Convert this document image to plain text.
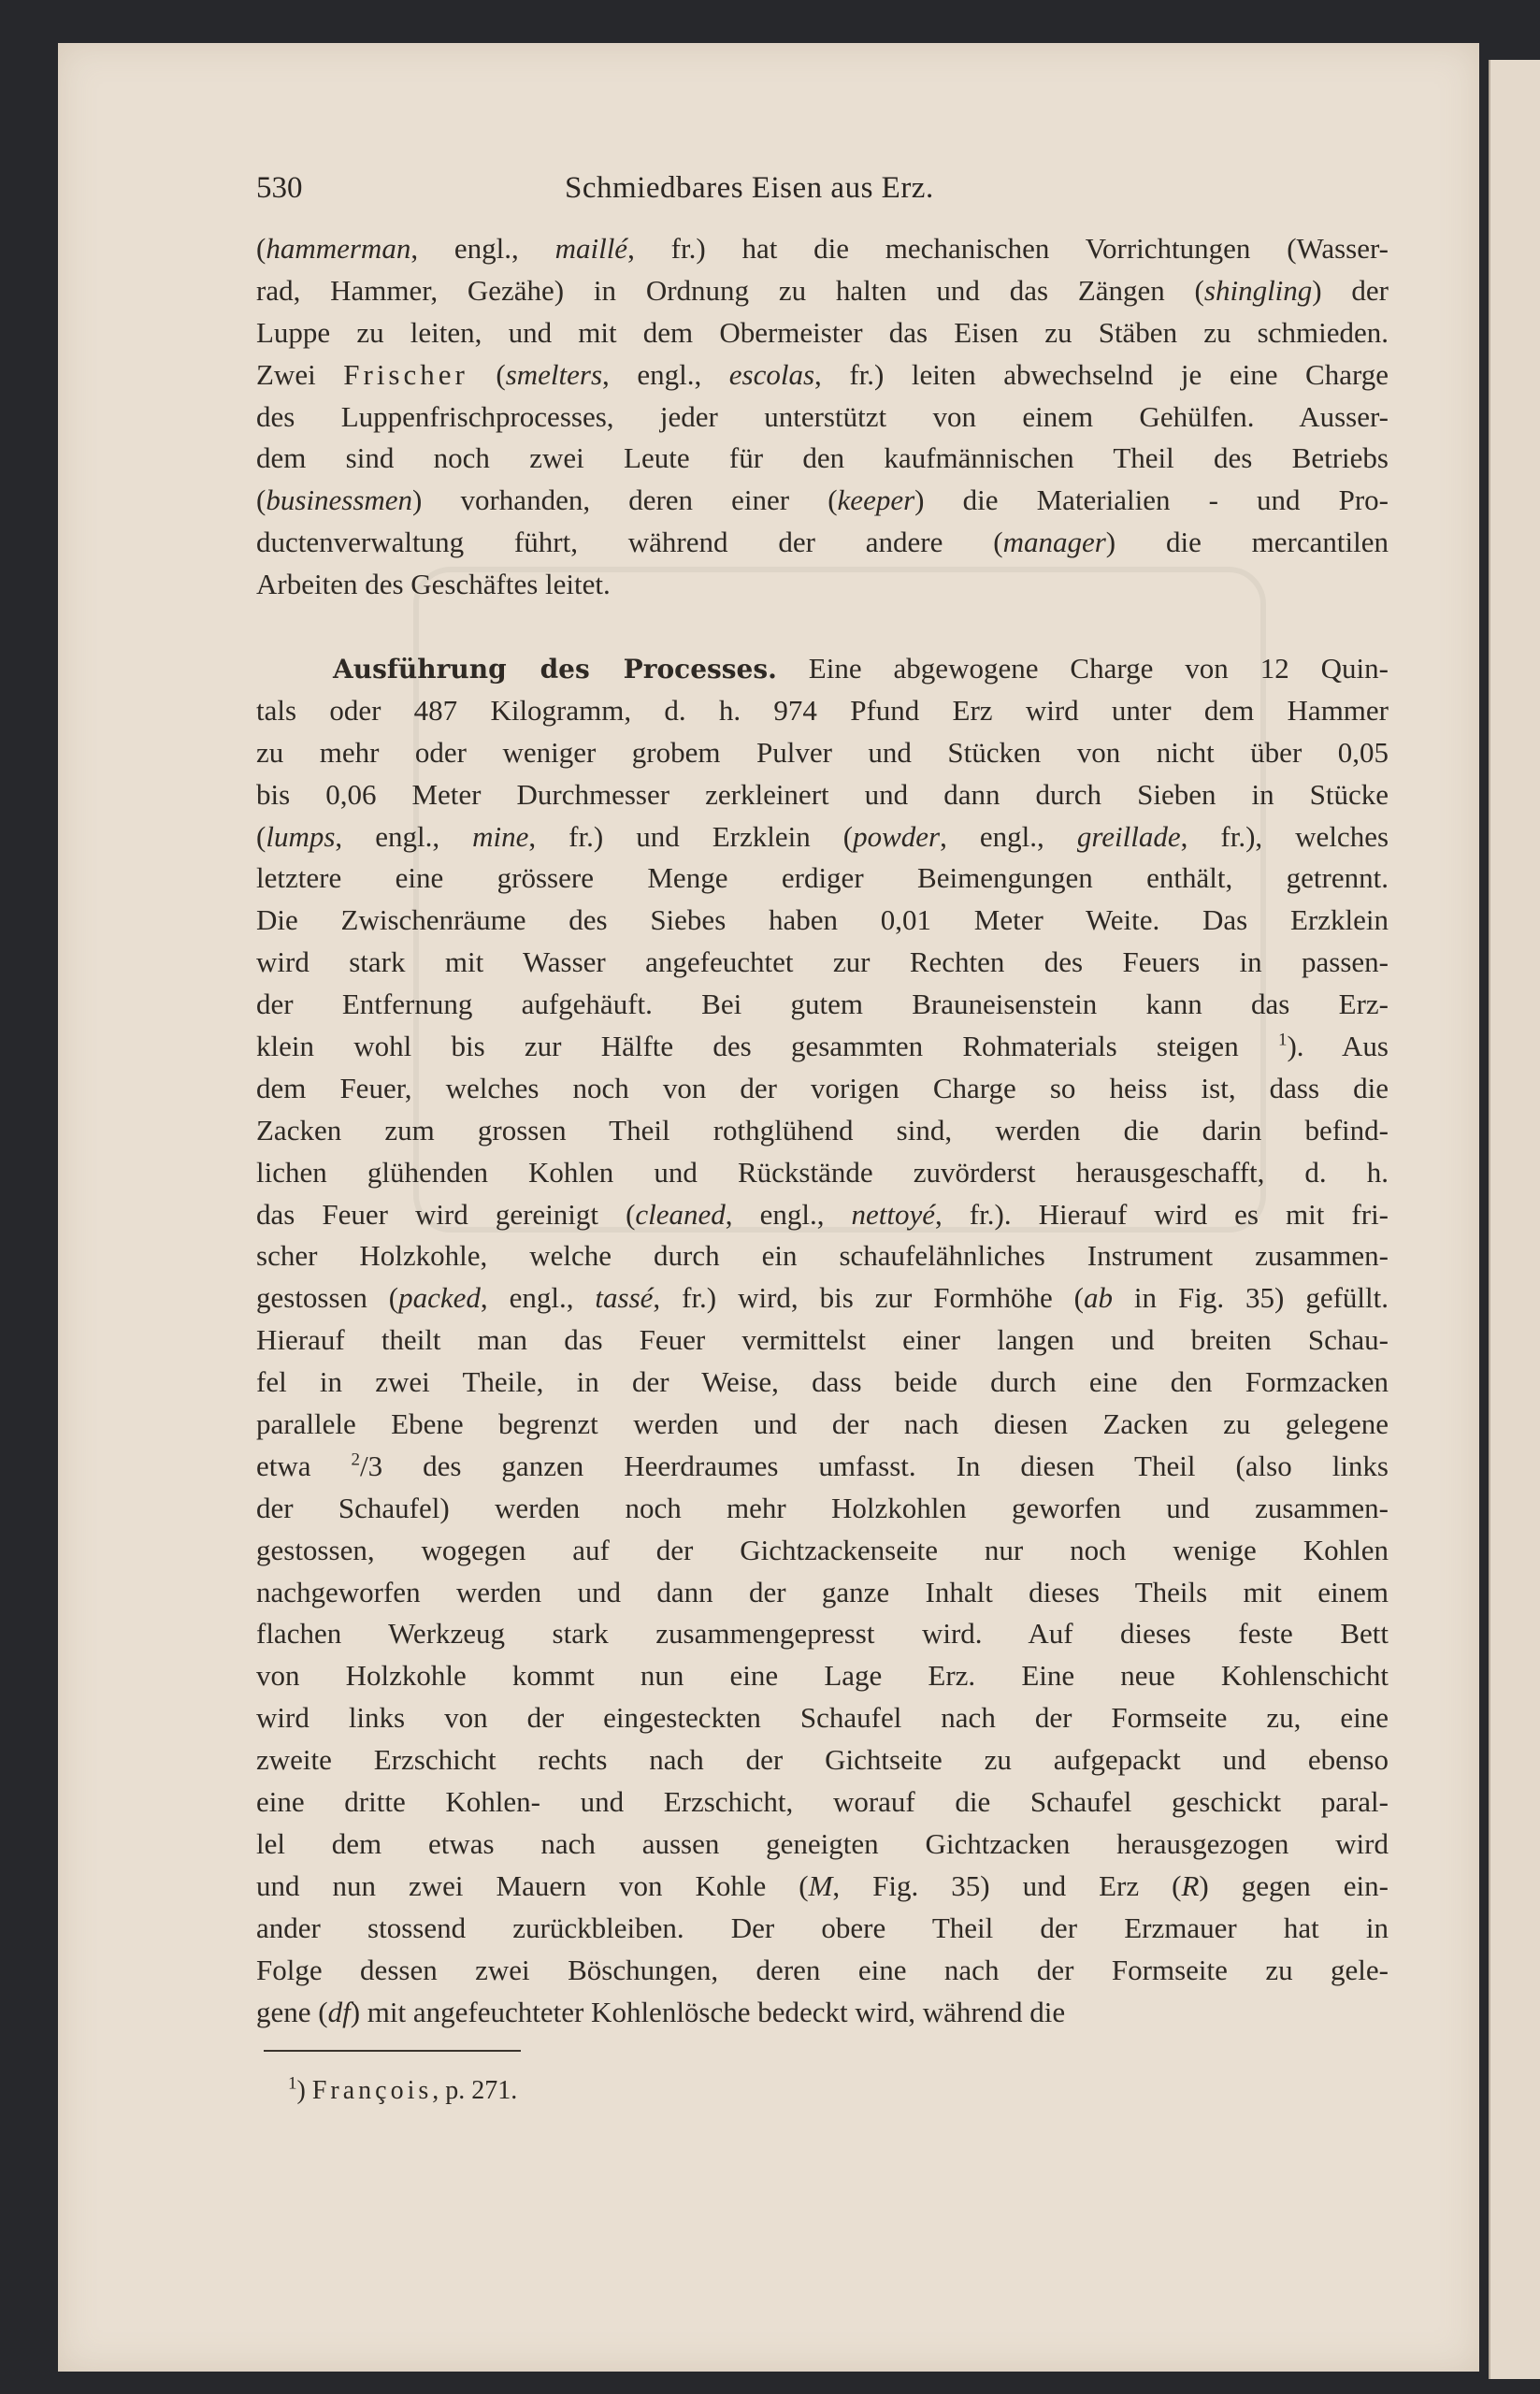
530	Schmiedbares Eisen aus Erz.
(hammerman, engl., maillé, fr.) hat die mechanischen Vorrichtungen (Wasser-
rad, Hammer, Gezähe) in Ordnung zu halten und das Zängen (shingling) der
Luppe zu leiten, und mit dem Obermeister das Eisen zu Stäben zu schmieden.
Zwei Frischer (smelters, engl., escolas, fr.) leiten abwechselnd je eine Charge
des Luppenfrischprocesses, jeder unterstützt von einem Gehülfen. Ausser-
dem sind noch zwei Leute für den kaufmännischen Theil des Betriebs
(businessmen) vorhanden, deren einer (keeper) die Materialien - und Pro-
ductenverwaltung führt, während der andere (manager) die mercantilen
Arbeiten des Geschäftes leitet.
Ausführung des Processes. Eine abgewogene Charge von 12 Quin-
tals oder 487 Kilogramm, d. h. 974 Pfund Erz wird unter dem Hammer
zu mehr oder weniger grobem Pulver und Stücken von nicht über 0,05
bis 0,06 Meter Durchmesser zerkleinert und dann durch Sieben in Stücke
(lumps, engl., mine, fr.) und Erzklein (powder, engl., greillade, fr.), welches
letztere eine grössere Menge erdiger Beimengungen enthält, getrennt.
Die Zwischenräume des Siebes haben 0,01 Meter Weite. Das Erzklein
wird stark mit Wasser angefeuchtet zur Rechten des Feuers in passen-
der Entfernung aufgehäuft. Bei gutem Brauneisenstein kann das Erz-
klein wohl bis zur Hälfte des gesammten Rohmaterials steigen $^1$). Aus
dem Feuer, welches noch von der vorigen Charge so heiss ist, dass die
Zacken zum grossen Theil rothglühend sind, werden die darin befind-
lichen glühenden Kohlen und Rückstände zuvörderst herausgeschafft, d. h.
das Feuer wird gereinigt (cleaned, engl., nettoyé, fr.). Hierauf wird es mit fri-
scher Holzkohle, welche durch ein schaufelähnliches Instrument zusammen-
gestossen (packed, engl., tassé, fr.) wird, bis zur Formhöhe (ab in Fig. 35) gefüllt.
Hierauf theilt man das Feuer vermittelst einer langen und breiten Schau-
fel in zwei Theile, in der Weise, dass beide durch eine den Formzacken
parallele Ebene begrenzt werden und der nach diesen Zacken zu gelegene
etwa $^2$/3 des ganzen Heerdraumes umfasst. In diesen Theil (also links
der Schaufel) werden noch mehr Holzkohlen geworfen und zusammen-
gestossen, wogegen auf der Gichtzackenseite nur noch wenige Kohlen
nachgeworfen werden und dann der ganze Inhalt dieses Theils mit einem
flachen Werkzeug stark zusammengepresst wird. Auf dieses feste Bett
von Holzkohle kommt nun eine Lage Erz. Eine neue Kohlenschicht
wird links von der eingesteckten Schaufel nach der Formseite zu, eine
zweite Erzschicht rechts nach der Gichtseite zu aufgepackt und ebenso
eine dritte Kohlen- und Erzschicht, worauf die Schaufel geschickt paral-
lel dem etwas nach aussen geneigten Gichtzacken herausgezogen wird
und nun zwei Mauern von Kohle (M, Fig. 35) und Erz (R) gegen ein-
ander stossend zurückbleiben. Der obere Theil der Erzmauer hat in
Folge dessen zwei Böschungen, deren eine nach der Formseite zu gele-
gene (df) mit angefeuchteter Kohlenlösche bedeckt wird, während die
$^1$) François, p. 271.
